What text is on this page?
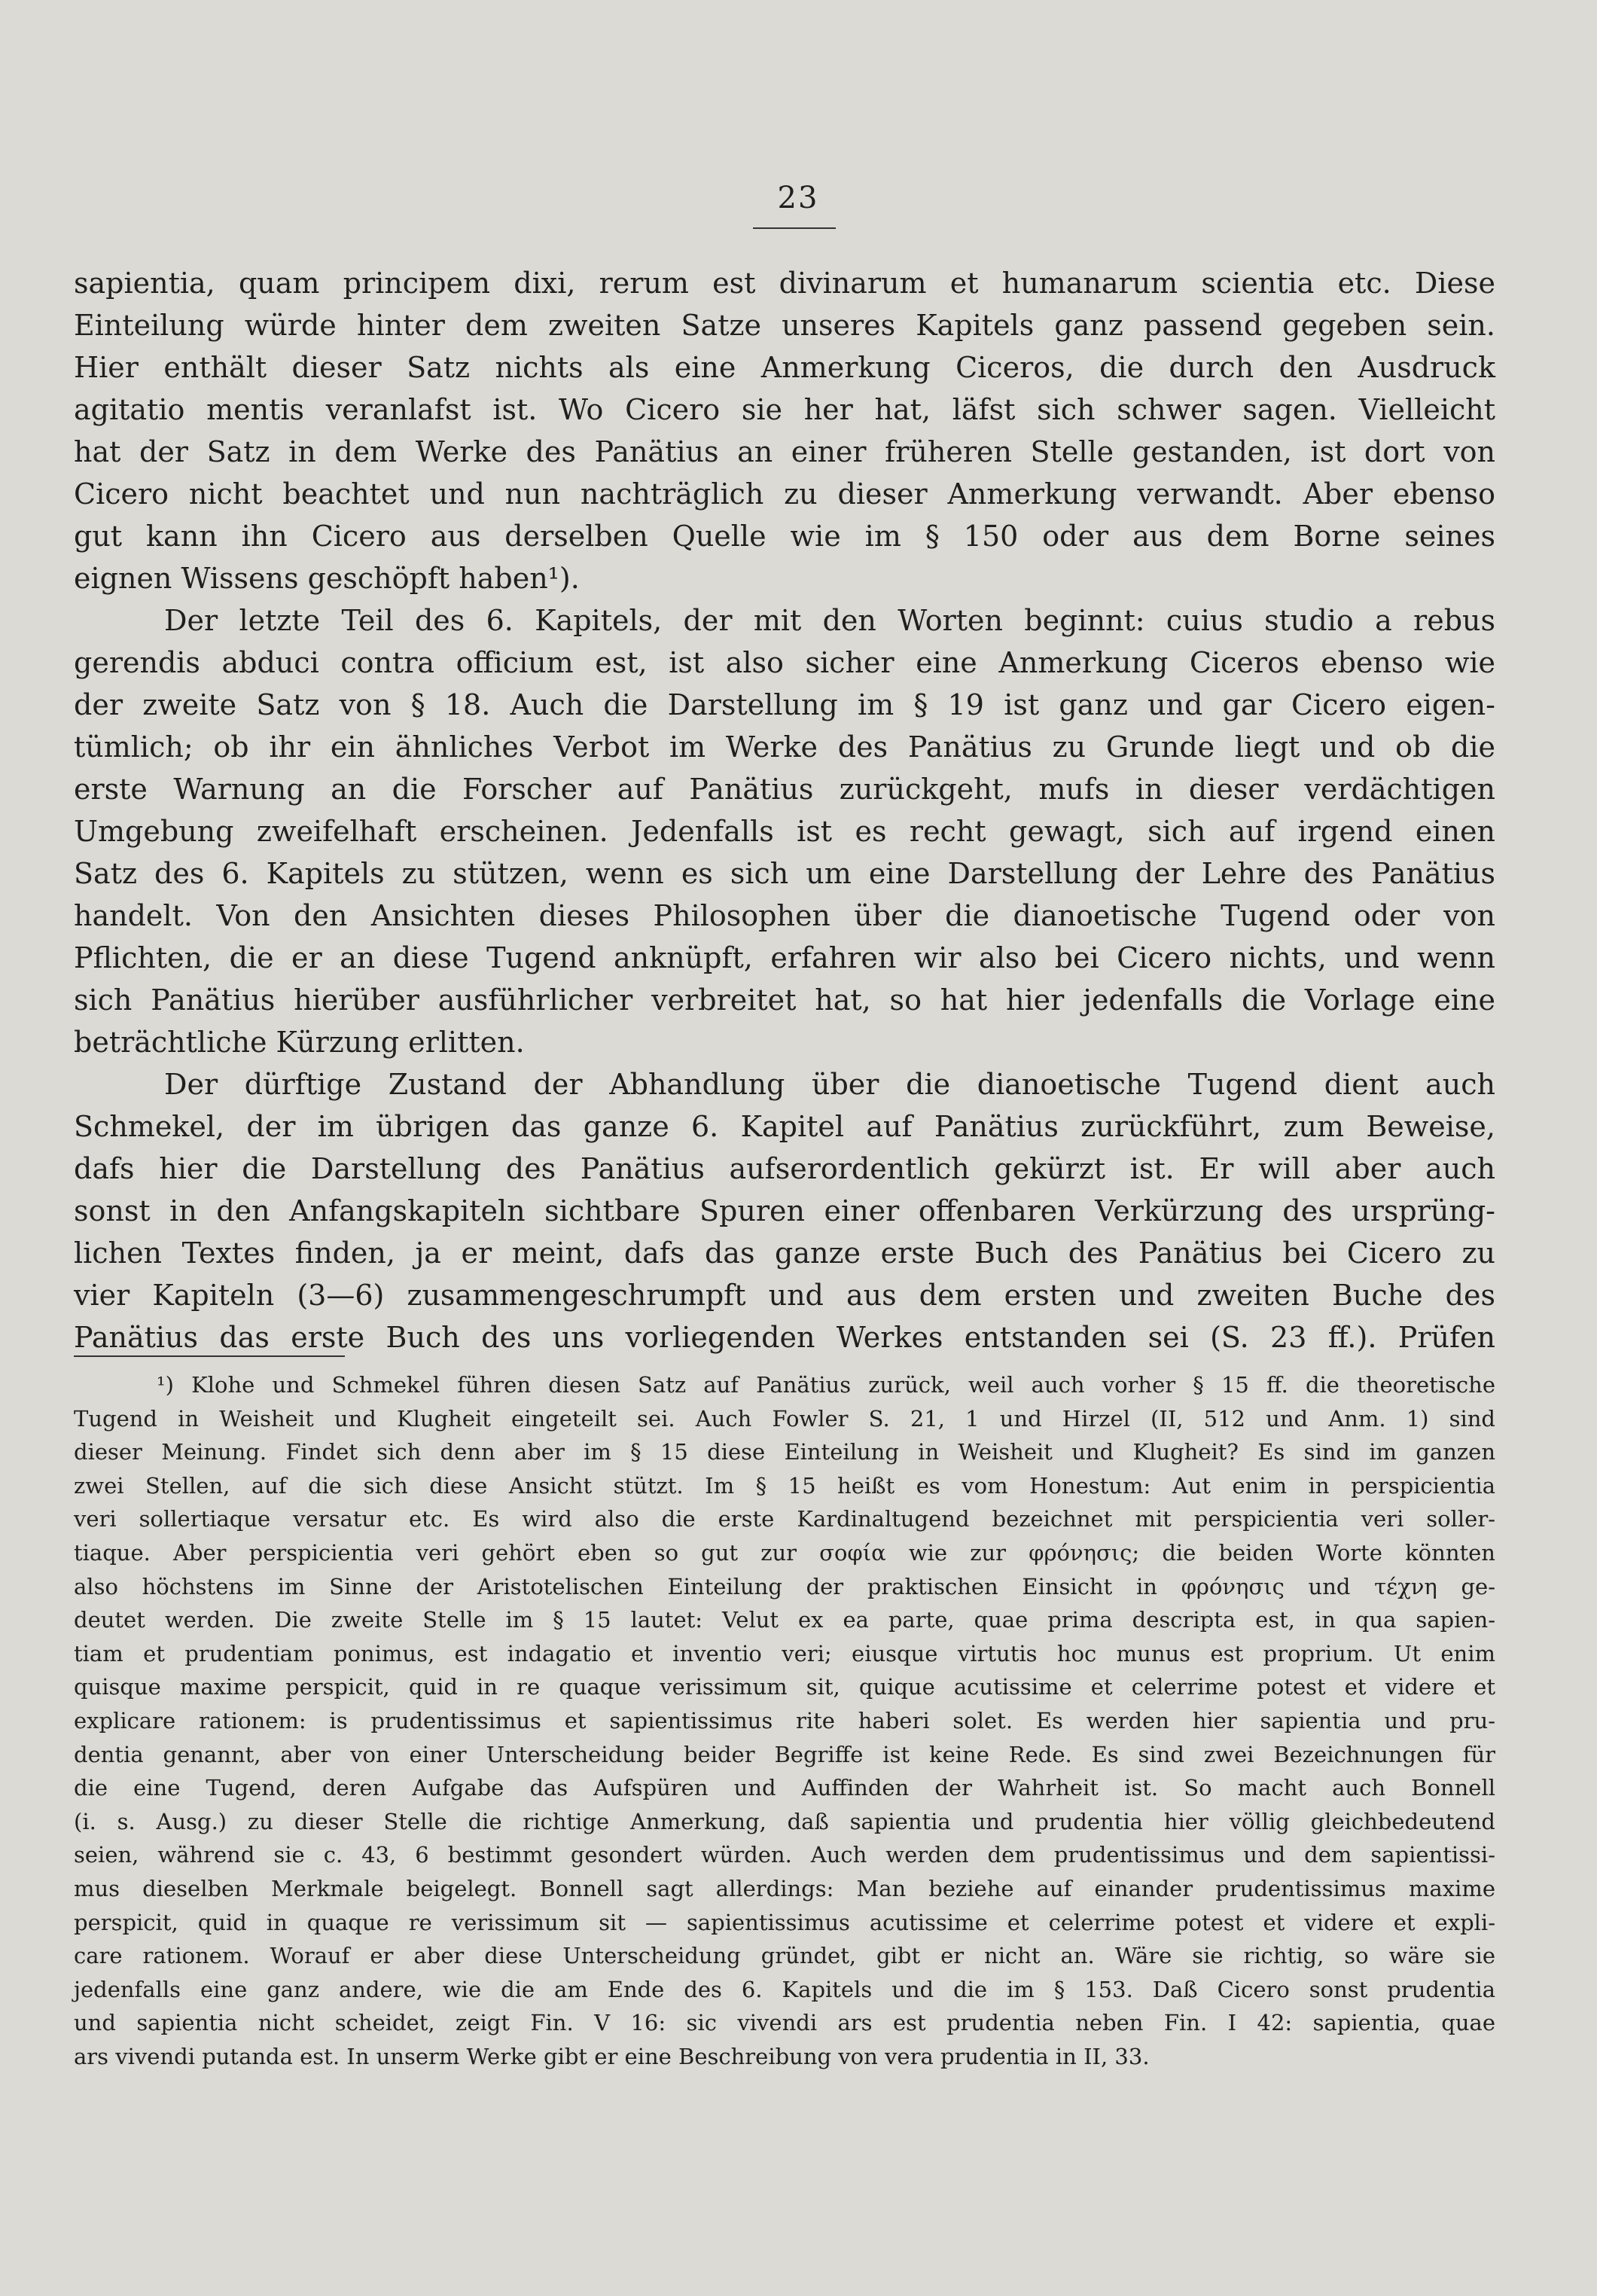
23
sapientia, quam principem dixi, rerum est divinarum et humanarum scientia etc. Diese
Einteilung würde hinter dem zweiten Satze unseres Kapitels ganz passend gegeben sein.
Hier enthält dieser Satz nichts als eine Anmerkung Ciceros, die durch den Ausdruck
agitatio mentis veranlafst ist. Wo Cicero sie her hat, läfst sich schwer sagen. Vielleicht
hat der Satz in dem Werke des Panätius an einer früheren Stelle gestanden, ist dort von
Cicero nicht beachtet und nun nachträglich zu dieser Anmerkung verwandt. Aber ebenso
gut kann ihn Cicero aus derselben Quelle wie im § 150 oder aus dem Borne seines
eignen Wissens geschöpft haben¹).
Der letzte Teil des 6. Kapitels, der mit den Worten beginnt: cuius studio a rebus
gerendis abduci contra officium est, ist also sicher eine Anmerkung Ciceros ebenso wie
der zweite Satz von § 18. Auch die Darstellung im § 19 ist ganz und gar Cicero eigen-
tümlich; ob ihr ein ähnliches Verbot im Werke des Panätius zu Grunde liegt und ob die
erste Warnung an die Forscher auf Panätius zurückgeht, mufs in dieser verdächtigen
Umgebung zweifelhaft erscheinen. Jedenfalls ist es recht gewagt, sich auf irgend einen
Satz des 6. Kapitels zu stützen, wenn es sich um eine Darstellung der Lehre des Panätius
handelt. Von den Ansichten dieses Philosophen über die dianoetische Tugend oder von
Pflichten, die er an diese Tugend anknüpft, erfahren wir also bei Cicero nichts, und wenn
sich Panätius hierüber ausführlicher verbreitet hat, so hat hier jedenfalls die Vorlage eine
beträchtliche Kürzung erlitten.
Der dürftige Zustand der Abhandlung über die dianoetische Tugend dient auch
Schmekel, der im übrigen das ganze 6. Kapitel auf Panätius zurückführt, zum Beweise,
dafs hier die Darstellung des Panätius aufserordentlich gekürzt ist. Er will aber auch
sonst in den Anfangskapiteln sichtbare Spuren einer offenbaren Verkürzung des ursprüng-
lichen Textes finden, ja er meint, dafs das ganze erste Buch des Panätius bei Cicero zu
vier Kapiteln (3—6) zusammengeschrumpft und aus dem ersten und zweiten Buche des
Panätius das erste Buch des uns vorliegenden Werkes entstanden sei (S. 23 ff.). Prüfen
¹) Klohe und Schmekel führen diesen Satz auf Panätius zurück, weil auch vorher § 15 ff. die theoretische
Tugend in Weisheit und Klugheit eingeteilt sei. Auch Fowler S. 21, 1 und Hirzel (II, 512 und Anm. 1) sind
dieser Meinung. Findet sich denn aber im § 15 diese Einteilung in Weisheit und Klugheit? Es sind im ganzen
zwei Stellen, auf die sich diese Ansicht stützt. Im § 15 heißt es vom Honestum: Aut enim in perspicientia
veri sollertiaque versatur etc. Es wird also die erste Kardinaltugend bezeichnet mit perspicientia veri soller-
tiaque. Aber perspicientia veri gehört eben so gut zur σοφία wie zur φρόνησις; die beiden Worte könnten
also höchstens im Sinne der Aristotelischen Einteilung der praktischen Einsicht in φρόνησις und τέχνη ge-
deutet werden. Die zweite Stelle im § 15 lautet: Velut ex ea parte, quae prima descripta est, in qua sapien-
tiam et prudentiam ponimus, est indagatio et inventio veri; eiusque virtutis hoc munus est proprium. Ut enim
quisque maxime perspicit, quid in re quaque verissimum sit, quique acutissime et celerrime potest et videre et
explicare rationem: is prudentissimus et sapientissimus rite haberi solet. Es werden hier sapientia und pru-
dentia genannt, aber von einer Unterscheidung beider Begriffe ist keine Rede. Es sind zwei Bezeichnungen für
die eine Tugend, deren Aufgabe das Aufspüren und Auffinden der Wahrheit ist. So macht auch Bonnell
(i. s. Ausg.) zu dieser Stelle die richtige Anmerkung, daß sapientia und prudentia hier völlig gleichbedeutend
seien, während sie c. 43, 6 bestimmt gesondert würden. Auch werden dem prudentissimus und dem sapientissi-
mus dieselben Merkmale beigelegt. Bonnell sagt allerdings: Man beziehe auf einander prudentissimus maxime
perspicit, quid in quaque re verissimum sit — sapientissimus acutissime et celerrime potest et videre et expli-
care rationem. Worauf er aber diese Unterscheidung gründet, gibt er nicht an. Wäre sie richtig, so wäre sie
jedenfalls eine ganz andere, wie die am Ende des 6. Kapitels und die im § 153. Daß Cicero sonst prudentia
und sapientia nicht scheidet, zeigt Fin. V 16: sic vivendi ars est prudentia neben Fin. I 42: sapientia, quae
ars vivendi putanda est. In unserm Werke gibt er eine Beschreibung von vera prudentia in II, 33.
